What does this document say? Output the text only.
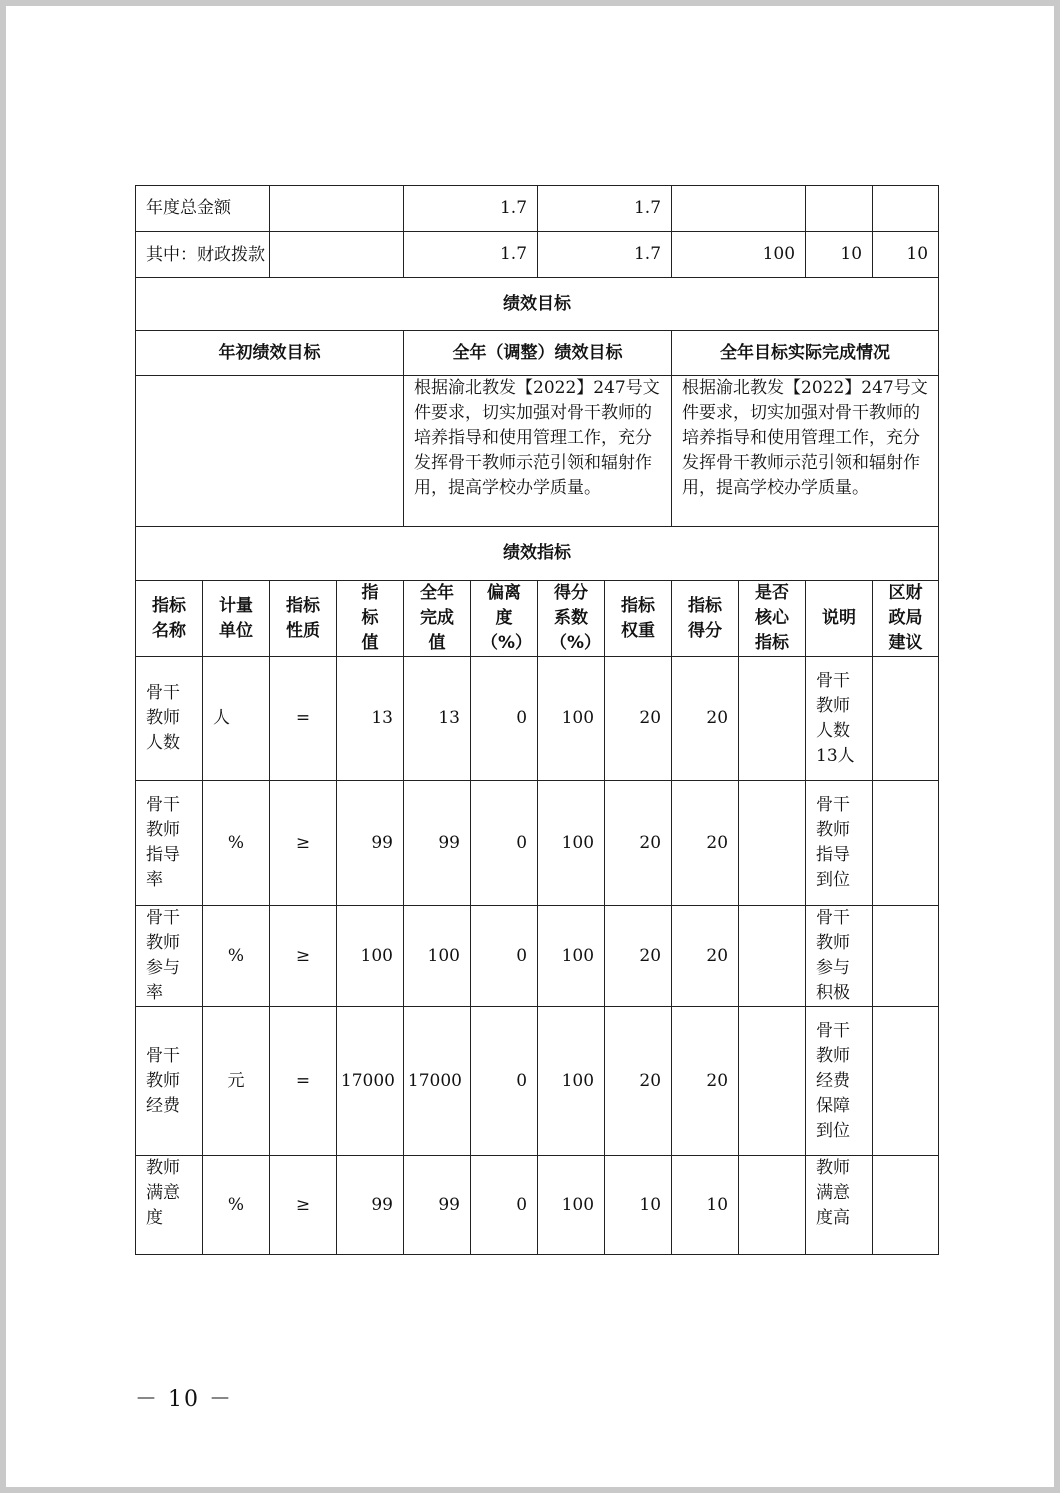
年度总金额				1.7		1.7					
其中：财政拨款				1.7		1.7		100		10	10
绩效目标											
年初绩效目标				全年（调整）绩效目标				全年目标实际完成情况			
				根据渝北教发【2022】247号文件要求，切实加强对骨干教师的培养指导和使用管理工作，充分发挥骨干教师示范引领和辐射作用，提高学校办学质量。				根据渝北教发【2022】247号文件要求，切实加强对骨干教师的培养指导和使用管理工作，充分发挥骨干教师示范引领和辐射作用，提高学校办学质量。			
绩效指标											
指标名称	计量单位	指标性质	指标值	全年完成值	偏离度（%）	得分系数（%）	指标权重	指标得分	是否核心指标	说明	区财政局建议
骨干教师人数	人	=	13	13	0	100	20	20		骨干教师人数13人	
骨干教师指导率	%	≥	99	99	0	100	20	20		骨干教师指导到位	
骨干教师参与率	%	≥	100	100	0	100	20	20		骨干教师参与积极	
骨干教师经费	元	=	17000	17000	0	100	20	20		骨干教师经费保障到位	
教师满意度	%	≥	99	99	0	100	10	10		教师满意度高	
－ 10 －
